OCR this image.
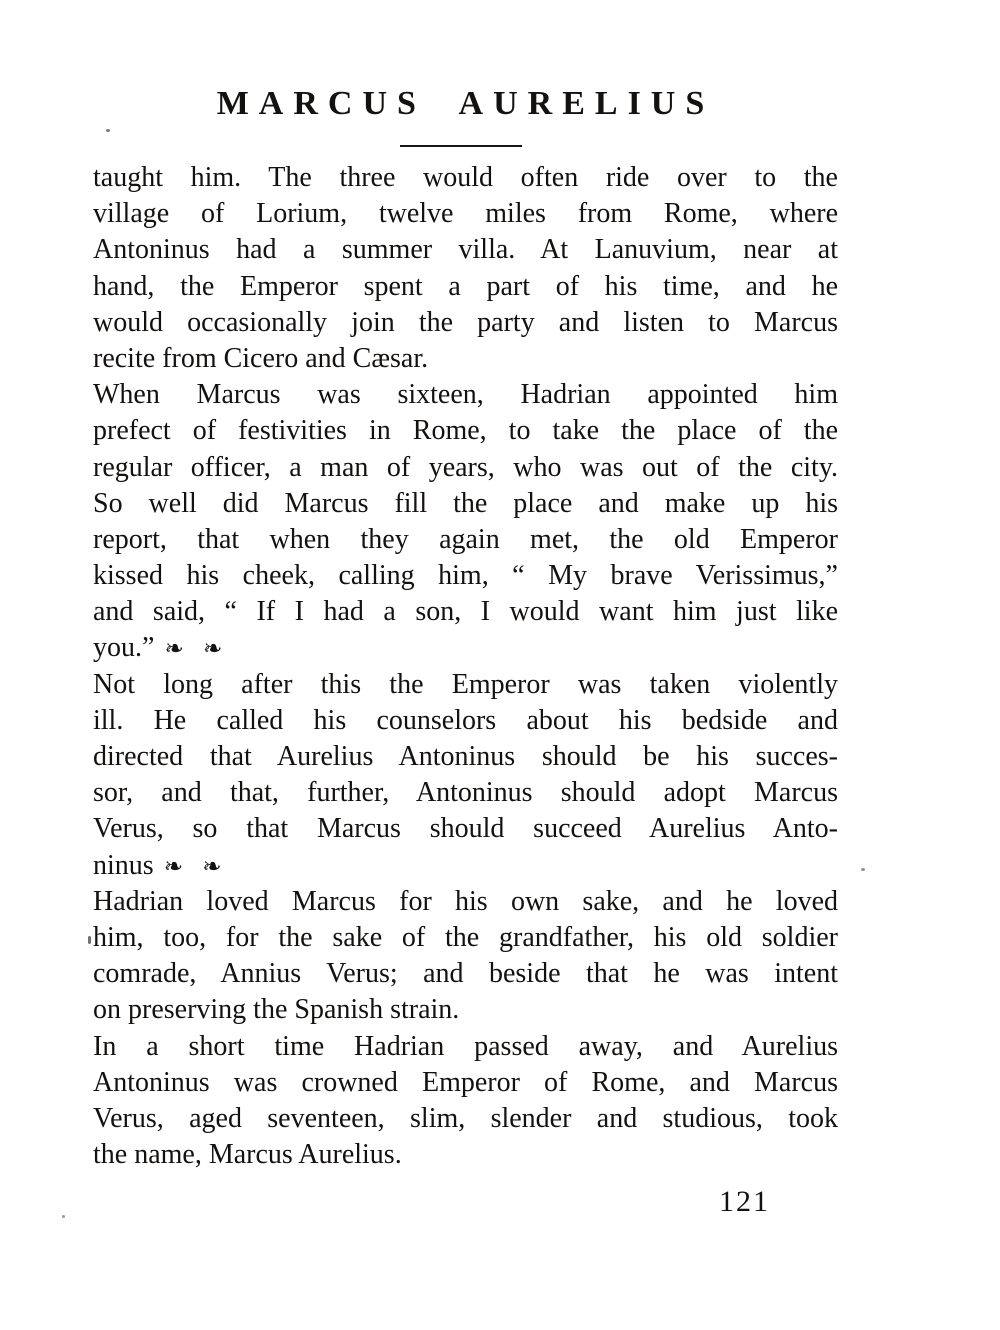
MARCUS AURELIUS
taught him. The three would often ride over to the
village of Lorium, twelve miles from Rome, where
Antoninus had a summer villa. At Lanuvium, near at
hand, the Emperor spent a part of his time, and he
would occasionally join the party and listen to Marcus
recite from Cicero and Cæsar.
When Marcus was sixteen, Hadrian appointed him
prefect of festivities in Rome, to take the place of the
regular officer, a man of years, who was out of the city.
So well did Marcus fill the place and make up his
report, that when they again met, the old Emperor
kissed his cheek, calling him, “ My brave Verissimus,”
and said, “ If I had a son, I would want him just like
you.” ❧ ❧
Not long after this the Emperor was taken violently
ill. He called his counselors about his bedside and
directed that Aurelius Antoninus should be his succes-
sor, and that, further, Antoninus should adopt Marcus
Verus, so that Marcus should succeed Aurelius Anto-
ninus ❧ ❧
Hadrian loved Marcus for his own sake, and he loved
him, too, for the sake of the grandfather, his old soldier
comrade, Annius Verus; and beside that he was intent
on preserving the Spanish strain.
In a short time Hadrian passed away, and Aurelius
Antoninus was crowned Emperor of Rome, and Marcus
Verus, aged seventeen, slim, slender and studious, took
the name, Marcus Aurelius.
121
